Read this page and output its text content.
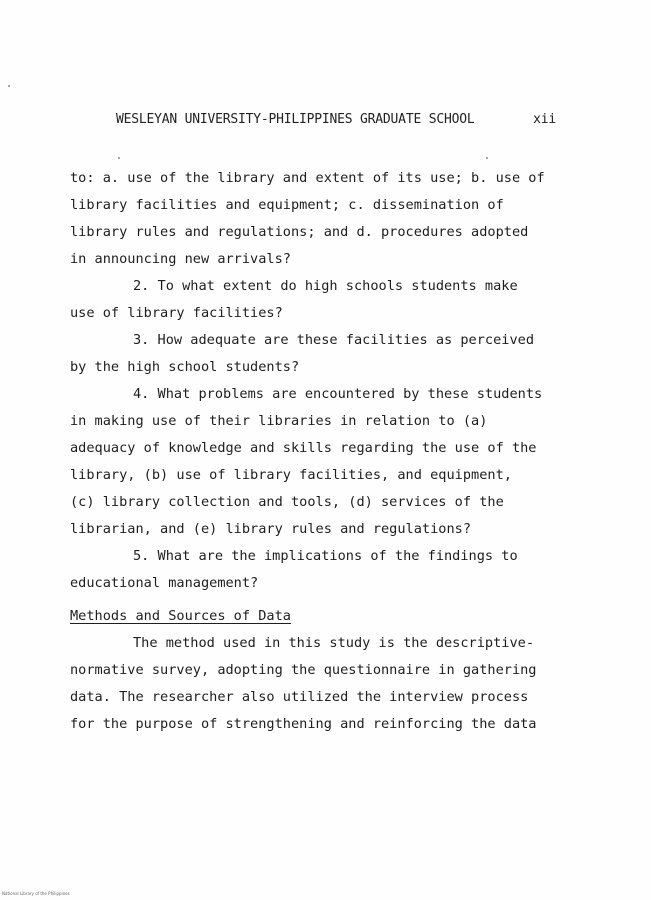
WESLEYAN UNIVERSITY-PHILIPPINES GRADUATE SCHOOL	xii
to: a. use of the library and extent of its use; b. use of
library facilities and equipment; c. dissemination of
library rules and regulations; and d. procedures adopted
in announcing new arrivals?
2. To what extent do high schools students make
use of library facilities?
3. How adequate are these facilities as perceived
by the high school students?
4. What problems are encountered by these students
in making use of their libraries in relation to (a)
adequacy of knowledge and skills regarding the use of the
library, (b) use of library facilities, and equipment,
(c) library collection and tools, (d) services of the
librarian, and (e) library rules and regulations?
5. What are the implications of the findings to
educational management?
Methods and Sources of Data
The method used in this study is the descriptive-
normative survey, adopting the questionnaire in gathering
data. The researcher also utilized the interview process
for the purpose of strengthening and reinforcing the data
National Library of the Philippines
